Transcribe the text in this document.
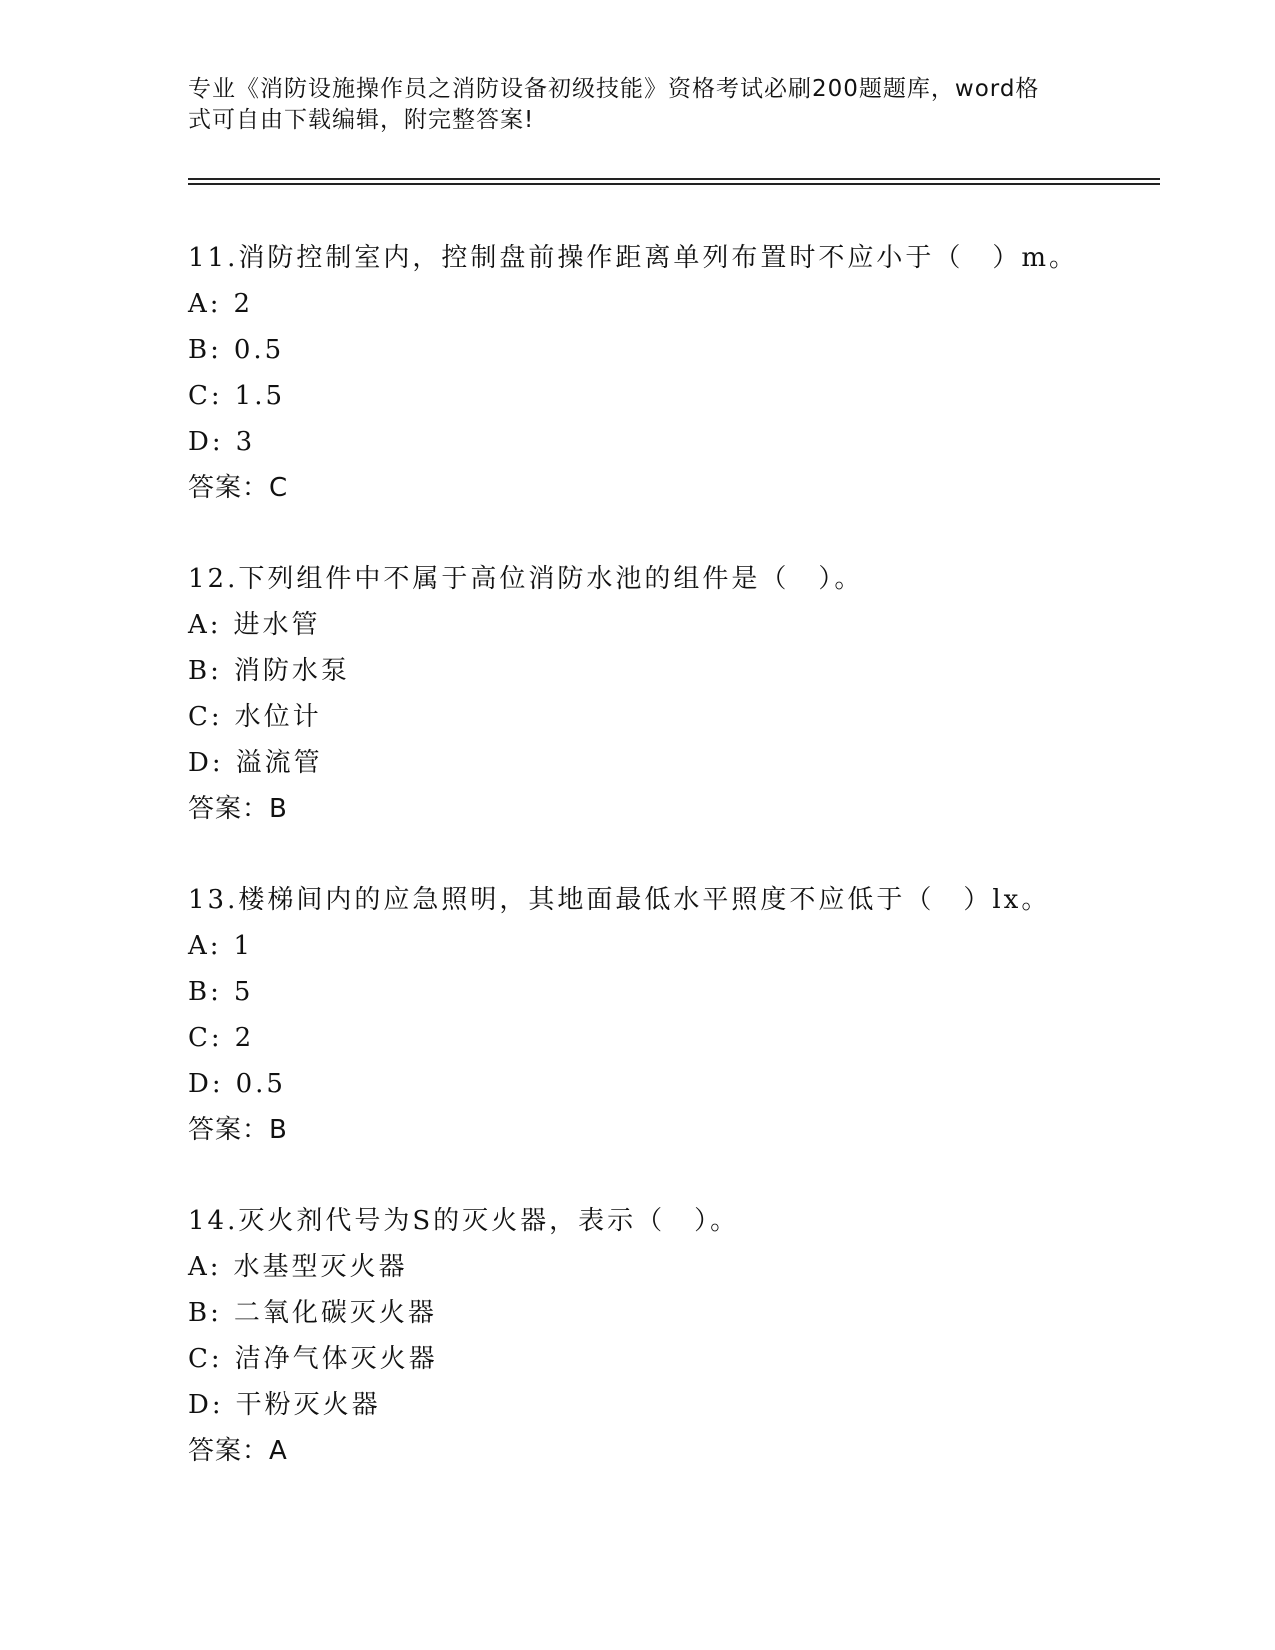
专业《消防设施操作员之消防设备初级技能》资格考试必刷200题题库，word格
式可自由下载编辑，附完整答案!
11.消防控制室内，控制盘前操作距离单列布置时不应小于（　）m。
A: 2
B: 0.5
C: 1.5
D: 3
答案：C
12.下列组件中不属于高位消防水池的组件是（　）。
A: 进水管
B: 消防水泵
C: 水位计
D: 溢流管
答案：B
13.楼梯间内的应急照明，其地面最低水平照度不应低于（　）lx。
A: 1
B: 5
C: 2
D: 0.5
答案：B
14.灭火剂代号为S的灭火器，表示（　）。
A: 水基型灭火器
B: 二氧化碳灭火器
C: 洁净气体灭火器
D: 干粉灭火器
答案：A
